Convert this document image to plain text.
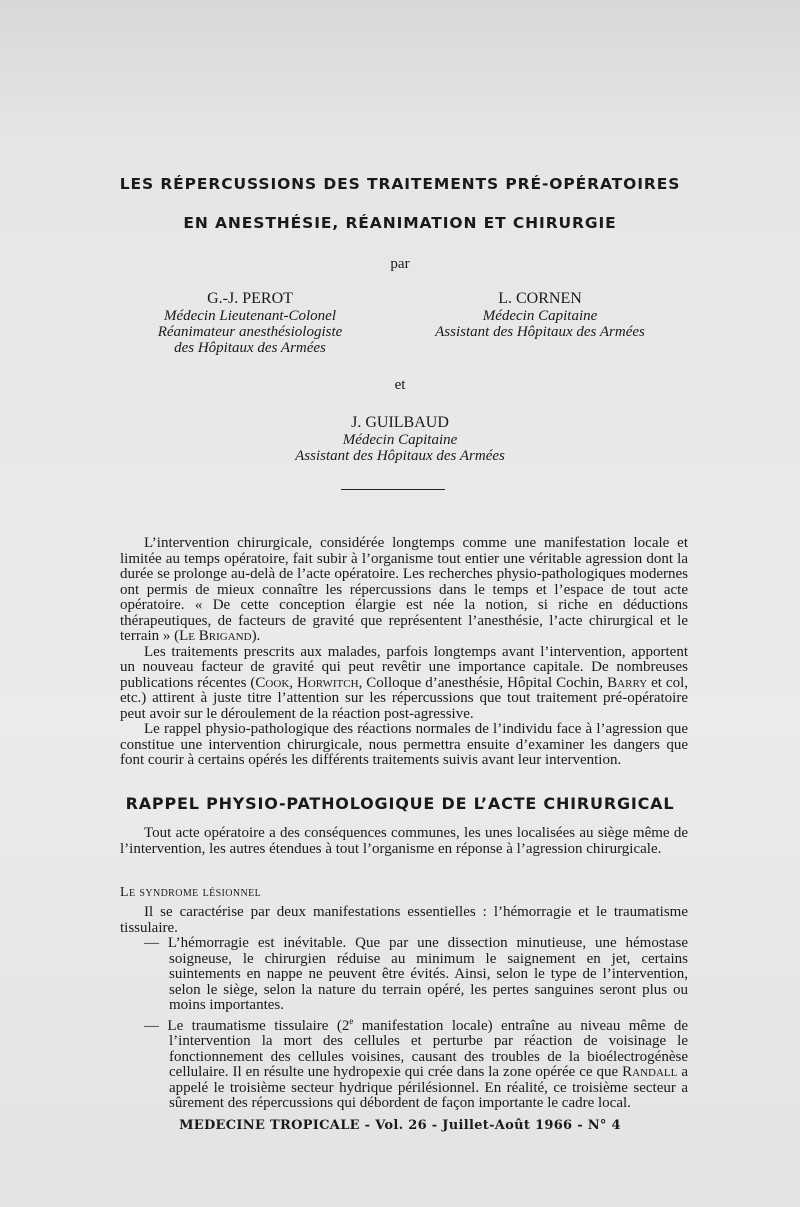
LES RÉPERCUSSIONS DES TRAITEMENTS PRÉ-OPÉRATOIRES
EN ANESTHÉSIE, RÉANIMATION ET CHIRURGIE
par
G.-J. PEROT
Médecin Lieutenant-Colonel
Réanimateur anesthésiologiste
des Hôpitaux des Armées
L. CORNEN
Médecin Capitaine
Assistant des Hôpitaux des Armées
et
J. GUILBAUD
Médecin Capitaine
Assistant des Hôpitaux des Armées

L’intervention chirurgicale, considérée longtemps comme une manifestation locale et limitée au temps opératoire, fait subir à l’organisme tout entier une véritable agression dont la durée se prolonge au-delà de l’acte opératoire. Les recherches physio-pathologiques modernes ont permis de mieux connaître les répercussions dans le temps et l’espace de tout acte opératoire. « De cette conception élargie est née la notion, si riche en déductions thérapeutiques, de facteurs de gravité que représentent l’anesthésie, l’acte chirurgical et le terrain » (Le Brigand).

Les traitements prescrits aux malades, parfois longtemps avant l’intervention, apportent un nouveau facteur de gravité qui peut revêtir une importance capitale. De nombreuses publications récentes (Cook, Horwitch, Colloque d’anesthésie, Hôpital Cochin, Barry et col, etc.) attirent à juste titre l’attention sur les répercussions que tout traitement pré-opératoire peut avoir sur le déroulement de la réaction post-agressive.

Le rappel physio-pathologique des réactions normales de l’individu face à l’agression que constitue une intervention chirurgicale, nous permettra ensuite d’examiner les dangers que font courir à certains opérés les différents traitements suivis avant leur intervention.

RAPPEL PHYSIO-PATHOLOGIQUE DE L’ACTE CHIRURGICAL

Tout acte opératoire a des conséquences communes, les unes localisées au siège même de l’intervention, les autres étendues à tout l’organisme en réponse à l’agression chirurgicale.

Le syndrome lésionnel

Il se caractérise par deux manifestations essentielles : l’hémorragie et le traumatisme tissulaire.

— L’hémorragie est inévitable. Que par une dissection minutieuse, une hémostase soigneuse, le chirurgien réduise au minimum le saignement en jet, certains suintements en nappe ne peuvent être évités. Ainsi, selon le type de l’intervention, selon le siège, selon la nature du terrain opéré, les pertes sanguines seront plus ou moins importantes.

— Le traumatisme tissulaire (2e manifestation locale) entraîne au niveau même de l’intervention la mort des cellules et perturbe par réaction de voisinage le fonctionnement des cellules voisines, causant des troubles de la bioélectrogénèse cellulaire. Il en résulte une hydropexie qui crée dans la zone opérée ce que Randall a appelé le troisième secteur hydrique périlésionnel. En réalité, ce troisième secteur a sûrement des répercussions qui débordent de façon importante le cadre local.

MEDECINE TROPICALE - Vol. 26 - Juillet-Août 1966 - N° 4
